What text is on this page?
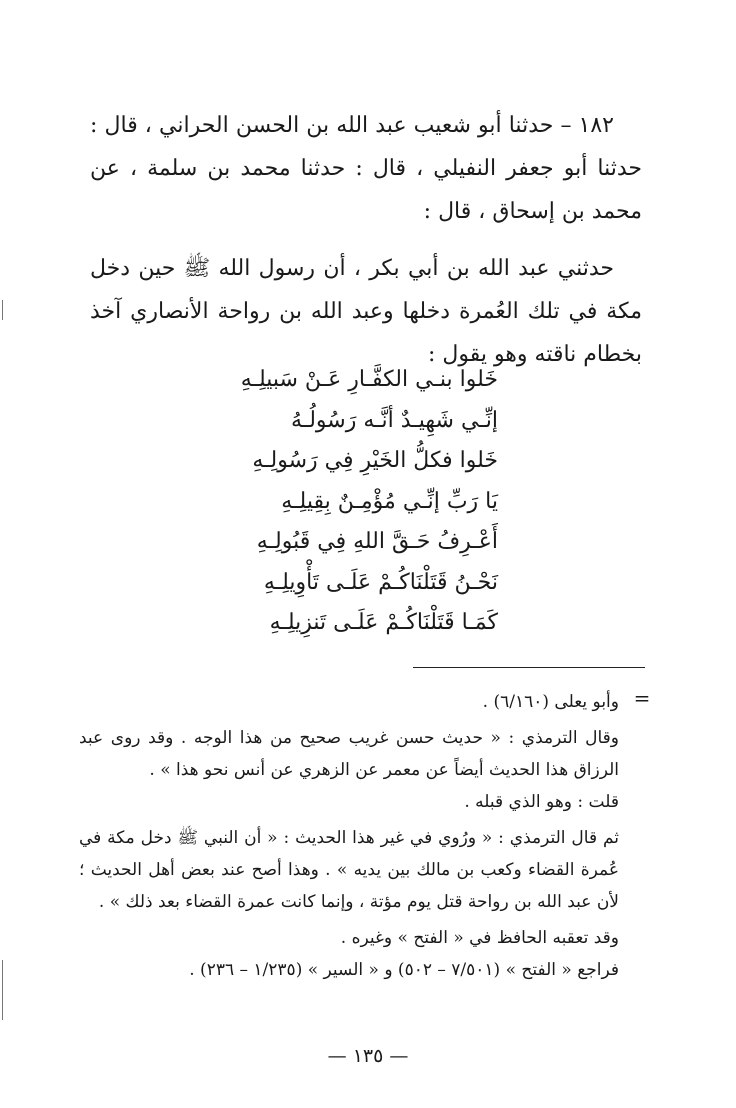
١٨٢ – حدثنا أبو شعيب عبد الله بن الحسن الحراني ، قال : حدثنا أبو جعفر النفيلي ، قال : حدثنا محمد بن سلمة ، عن محمد بن إسحاق ، قال :

حدثني عبد الله بن أبي بكر ، أن رسول الله ﷺ حين دخل مكة في تلك العُمرة دخلها وعبد الله بن رواحة الأنصاري آخذ بخطام ناقته وهو يقول :

خَلوا بنـي الكفَّـارِ عَـنْ سَبيلِـهِ
إنِّـي شَهِيـدٌ أنَّـه رَسُولُـهُ
خَلوا فكلُّ الخَيْرِ فِي رَسُولِـهِ
يَا رَبِّ إنِّـي مُؤْمِـنٌ بِقِيلِـهِ
أَعْـرِفُ حَـقَّ اللهِ فِي قَبُولِـهِ
نَحْـنُ قَتَلْنَاكُـمْ عَلَـى تَأْوِيلِـهِ
كَمَـا قَتَلْنَاكُـمْ عَلَـى تَنزِيلِـهِ
=

وأبو يعلى (٦/١٦٠) .

وقال الترمذي : « حديث حسن غريب صحيح من هذا الوجه . وقد روى عبد الرزاق هذا الحديث أيضاً عن معمر عن الزهري عن أنس نحو هذا » .

قلت : وهو الذي قبله .

ثم قال الترمذي : « ورُوي في غير هذا الحديث : « أن النبي ﷺ دخل مكة في عُمرة القضاء وكعب بن مالك بين يديه » . وهذا أصح عند بعض أهل الحديث ؛ لأن عبد الله بن رواحة قتل يوم مؤتة ، وإنما كانت عمرة القضاء بعد ذلك » .

وقد تعقبه الحافظ في « الفتح » وغيره .

فراجع « الفتح » (٧/٥٠١ – ٥٠٢) و « السير » (١/٢٣٥ – ٢٣٦) .

— ١٣٥ —
